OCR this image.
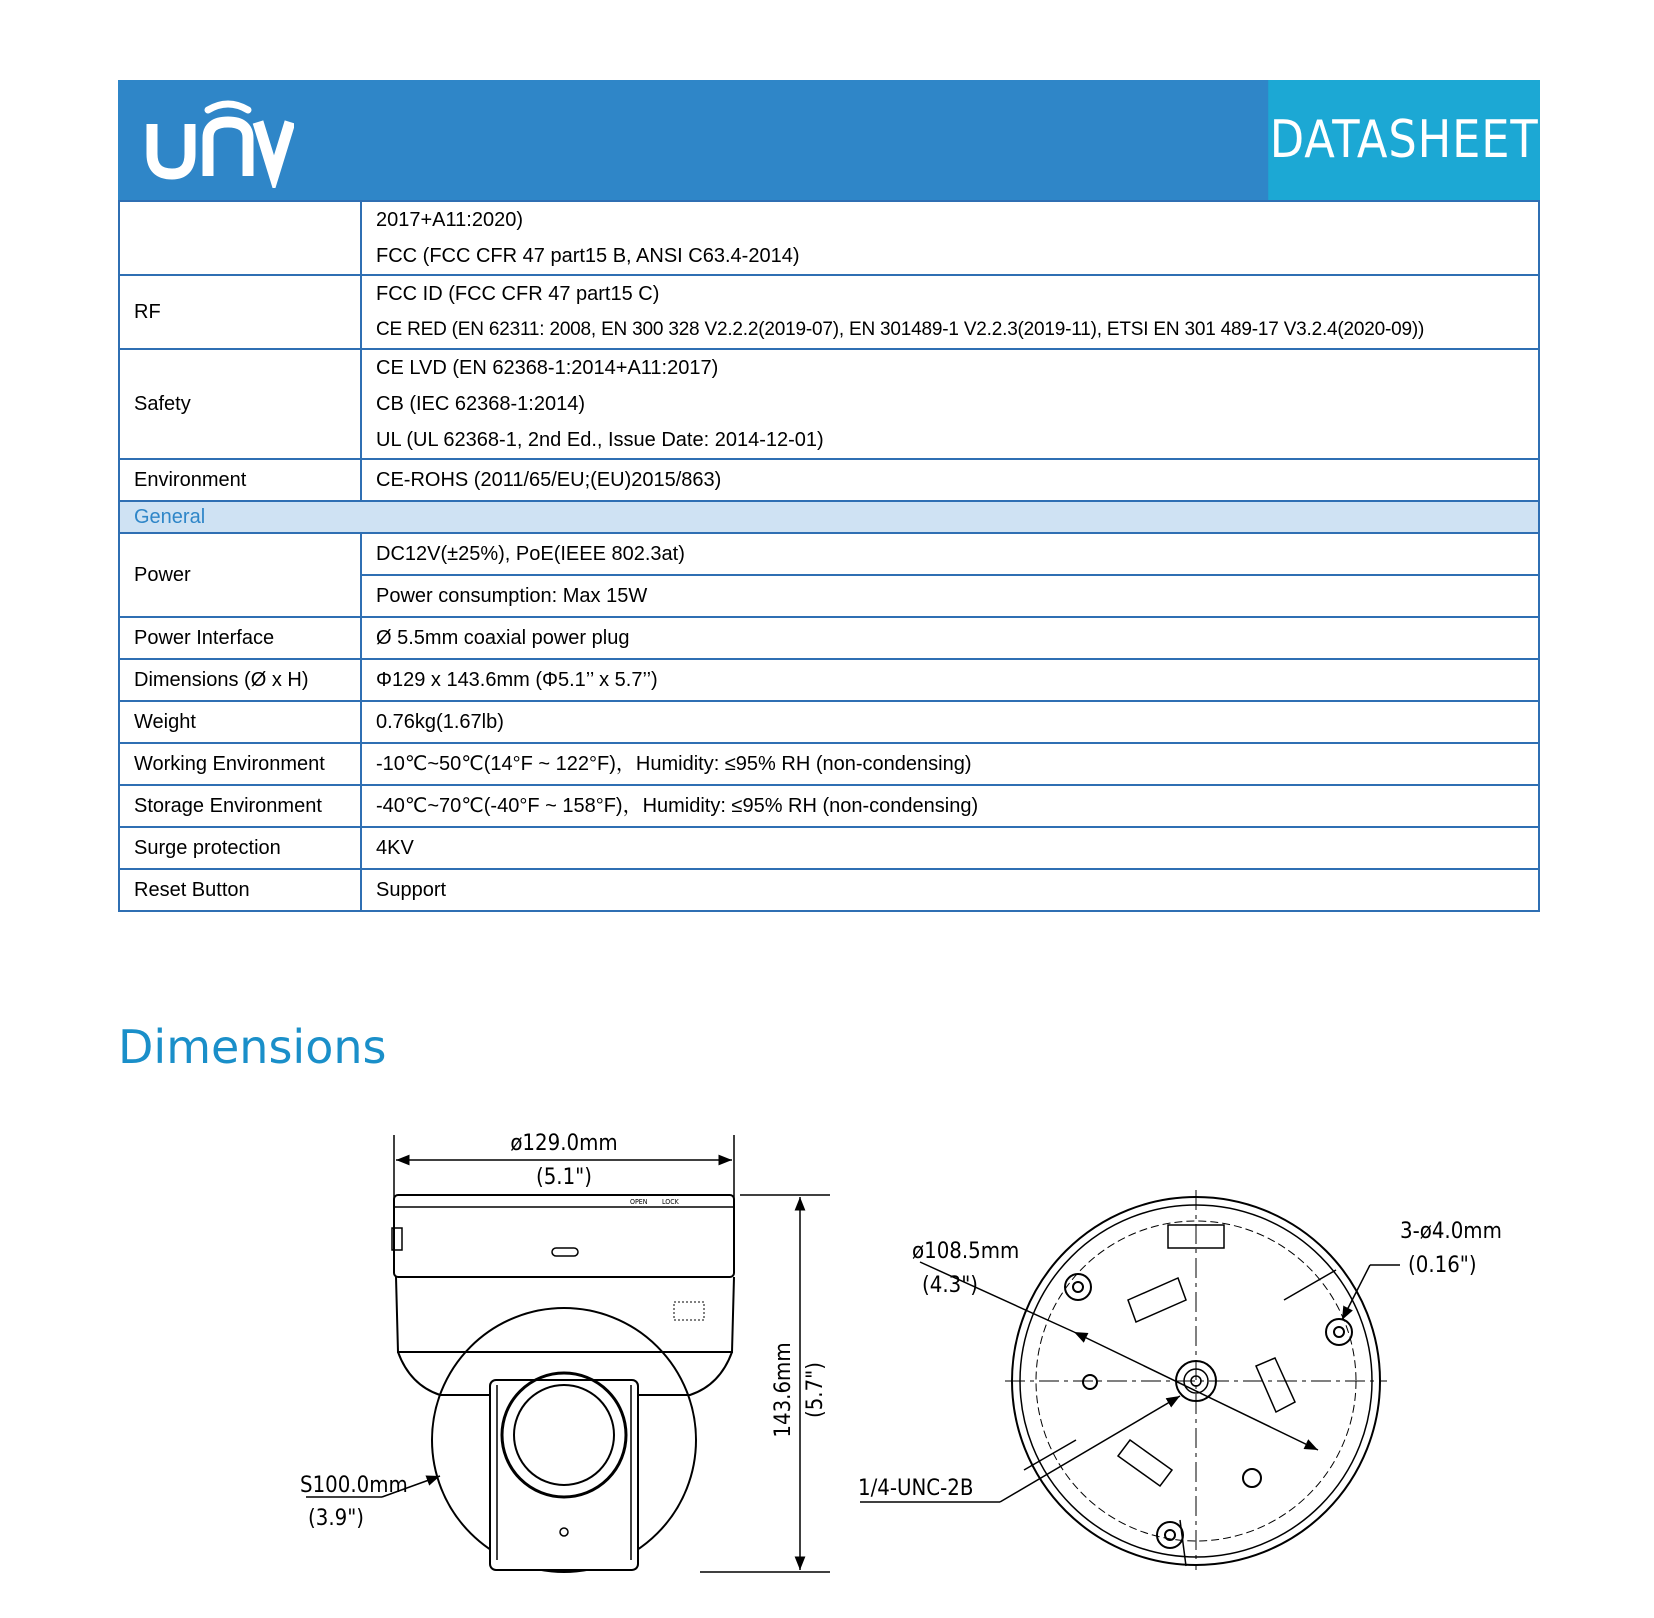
DATASHEET

	2017+A11:2020)
FCC (FCC CFR 47 part15 B, ANSI C63.4-2014)

RF	FCC ID (FCC CFR 47 part15 C)
CE RED (EN 62311: 2008, EN 300 328 V2.2.2(2019-07), EN 301489-1 V2.2.3(2019-11), ETSI EN 301 489-17 V3.2.4(2020-09))

Safety	CE LVD (EN 62368-1:2014+A11:2017)
CB (IEC 62368-1:2014)
UL (UL 62368-1, 2nd Ed., Issue Date: 2014-12-01)

Environment	CE-ROHS (2011/65/EU;(EU)2015/863)
General	
Power	DC12V(±25%), PoE(IEEE 802.3at)
	Power consumption: Max 15W
Power Interface	Ø 5.5mm coaxial power plug
Dimensions (Ø x H)	Φ129 x 143.6mm (Φ5.1’’ x 5.7’’)
Weight	0.76kg(1.67lb)
Working Environment	-10℃~50℃(14°F ~ 122°F)，Humidity: ≤95% RH (non-condensing)
Storage Environment	-40℃~70℃(-40°F ~ 158°F)，Humidity: ≤95% RH (non-condensing)
Surge protection	4KV
Reset Button	Support
Dimensions
ø129.0mm
(5.1")
OPEN LOCK
143.6mm (5.7")
S100.0mm
(3.9")
ø108.5mm
(4.3")
3-ø4.0mm
(0.16")
1/4-UNC-2B
